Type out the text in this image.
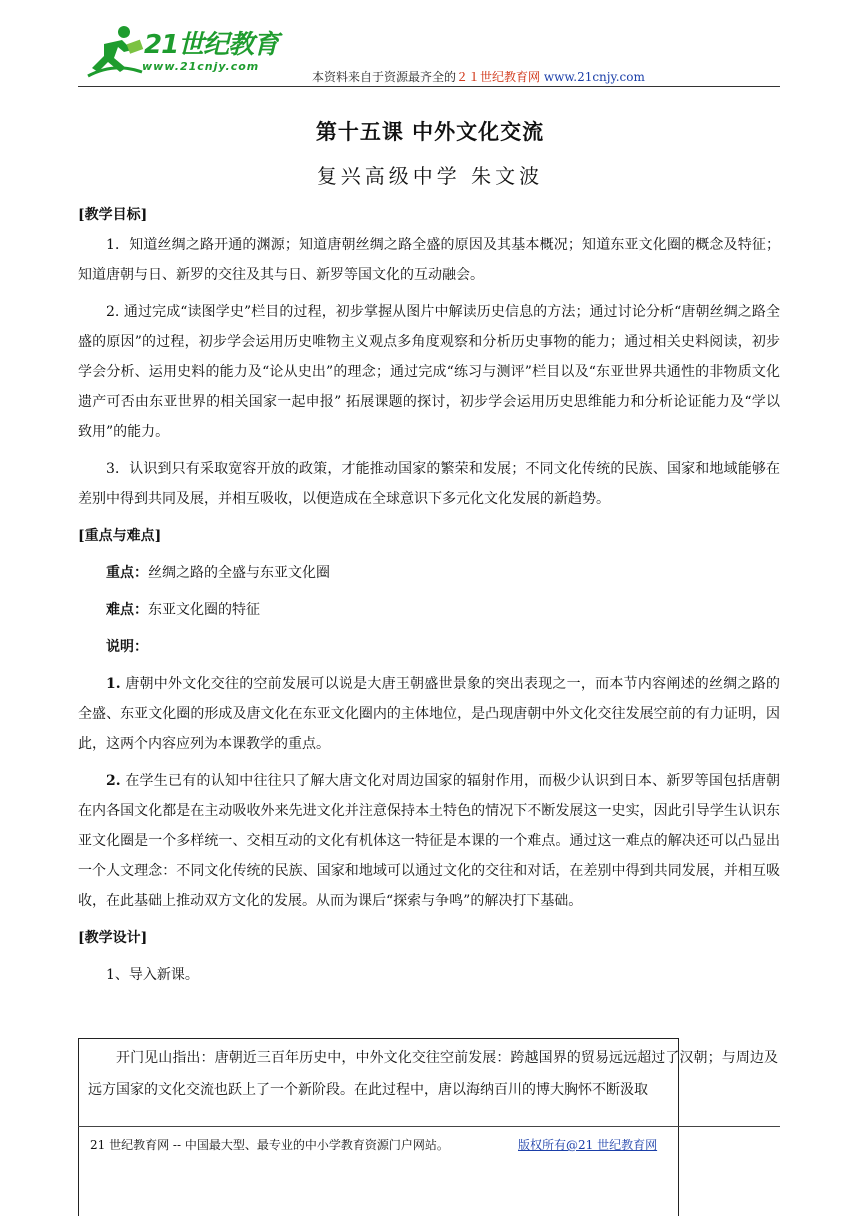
21世纪教育
www.21cnjy.com
本资料来自于资源最齐全的２１世纪教育网 www.21cnjy.com
第十五课 中外文化交流
复兴高级中学 朱文波

[教学目标]

1．知道丝绸之路开通的渊源；知道唐朝丝绸之路全盛的原因及其基本概况；知道东亚文化圈的概念及特征；知道唐朝与日、新罗的交往及其与日、新罗等国文化的互动融会。

2. 通过完成“读图学史”栏目的过程，初步掌握从图片中解读历史信息的方法；通过讨论分析“唐朝丝绸之路全盛的原因”的过程，初步学会运用历史唯物主义观点多角度观察和分析历史事物的能力；通过相关史料阅读，初步学会分析、运用史料的能力及“论从史出”的理念；通过完成“练习与测评”栏目以及“东亚世界共通性的非物质文化遗产可否由东亚世界的相关国家一起申报” 拓展课题的探讨，初步学会运用历史思维能力和分析论证能力及“学以致用”的能力。

3．认识到只有采取宽容开放的政策，才能推动国家的繁荣和发展；不同文化传统的民族、国家和地域能够在差别中得到共同及展，并相互吸收，以便造成在全球意识下多元化文化发展的新趋势。

[重点与难点]

重点：丝绸之路的全盛与东亚文化圈

难点：东亚文化圈的特征

说明：

1. 唐朝中外文化交往的空前发展可以说是大唐王朝盛世景象的突出表现之一，而本节内容阐述的丝绸之路的全盛、东亚文化圈的形成及唐文化在东亚文化圈内的主体地位，是凸现唐朝中外文化交往发展空前的有力证明，因此，这两个内容应列为本课教学的重点。

2. 在学生已有的认知中往往只了解大唐文化对周边国家的辐射作用，而极少认识到日本、新罗等国包括唐朝在内各国文化都是在主动吸收外来先进文化并注意保持本土特色的情况下不断发展这一史实，因此引导学生认识东亚文化圈是一个多样统一、交相互动的文化有机体这一特征是本课的一个难点。通过这一难点的解决还可以凸显出一个人文理念：不同文化传统的民族、国家和地域可以通过文化的交往和对话，在差别中得到共同发展，并相互吸收，在此基础上推动双方文化的发展。从而为课后“探索与争鸣”的解决打下基础。

[教学设计]

1、导入新课。

开门见山指出：唐朝近三百年历史中，中外文化交往空前发展：跨越国界的贸易远远超过了汉朝；与周边及远方国家的文化交流也跃上了一个新阶段。在此过程中，唐以海纳百川的博大胸怀不断汲取

21 世纪教育网 -- 中国最大型、最专业的中小学教育资源门户网站。	版权所有@21 世纪教育网
